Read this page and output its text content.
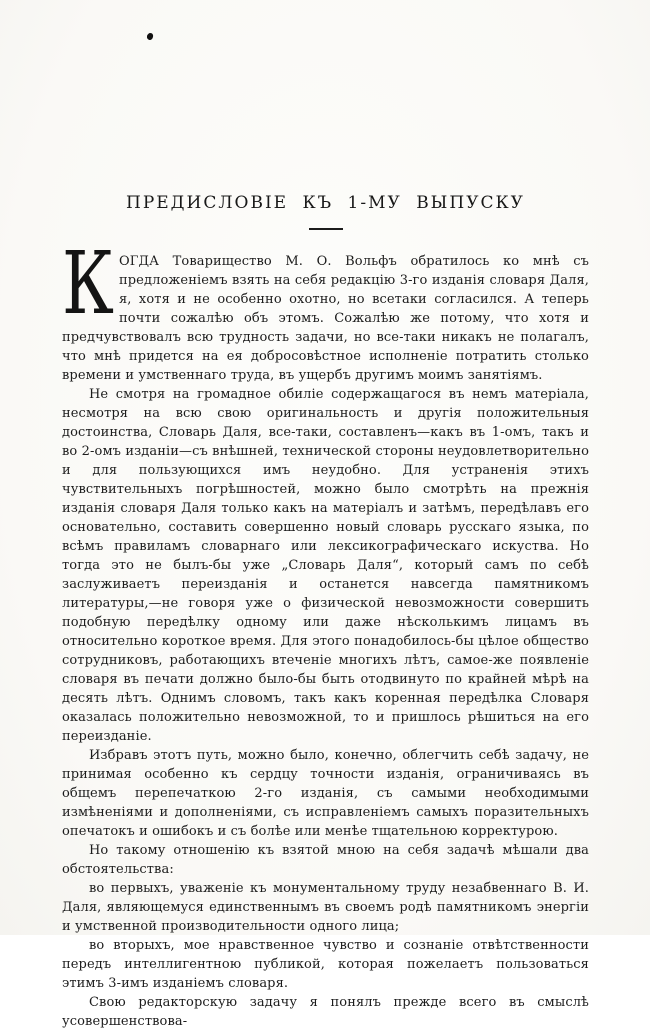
ПРЕДИСЛОВІЕ КЪ 1-МУ ВЫПУСКУ

КОГДА Товарищество М. О. Вольфъ обратилось ко мнѣ съ предложеніемъ взять на себя редакцію 3-го изданія словаря Даля, я, хотя и не особенно охотно, но всетаки согласился. А теперь почти сожалѣю объ этомъ. Сожалѣю же потому, что хотя и предчувствовалъ всю трудность задачи, но все-таки никакъ не полагалъ, что мнѣ придется на ея добросовѣстное исполненіе потратить столько времени и умственнаго труда, въ ущербъ другимъ моимъ занятіямъ.

Не смотря на громадное обиліе содержащагося въ немъ матеріала, несмотря на всю свою оригинальность и другія положительныя достоинства, Словарь Даля, все-таки, составленъ—какъ въ 1-омъ, такъ и во 2-омъ изданіи—съ внѣшней, технической стороны неудовлетворительно и для пользующихся имъ неудобно. Для устраненія этихъ чувствительныхъ погрѣшностей, можно было смотрѣть на прежнія изданія словаря Даля только какъ на матеріалъ и затѣмъ, передѣлавъ его основательно, составить совершенно новый словарь русскаго языка, по всѣмъ правиламъ словарнаго или лексикографическаго искуства. Но тогда это не былъ-бы уже „Словарь Даля“, который самъ по себѣ заслуживаетъ переизданія и останется навсегда памятникомъ литературы,—не говоря уже о физической невозможности совершить подобную передѣлку одному или даже нѣсколькимъ лицамъ въ относительно короткое время. Для этого понадобилось-бы цѣлое общество сотрудниковъ, работающихъ втеченіе многихъ лѣтъ, самое-же появленіе словаря въ печати должно было-бы быть отодвинуто по крайней мѣрѣ на десять лѣтъ. Однимъ словомъ, такъ какъ коренная передѣлка Словаря оказалась положительно невозможной, то и пришлось рѣшиться на его переизданіе.

Избравъ этотъ путь, можно было, конечно, облегчить себѣ задачу, не принимая особенно къ сердцу точности изданія, ограничиваясь въ общемъ перепечаткою 2-го изданія, съ самыми необходимыми измѣненіями и дополненіями, съ исправленіемъ самыхъ поразительныхъ опечатокъ и ошибокъ и съ болѣе или менѣе тщательною корректурою.

Но такому отношенію къ взятой мною на себя задачѣ мѣшали два обстоятельства:

во первыхъ, уваженіе къ монументальному труду незабвеннаго В. И. Даля, являющемуся единственнымъ въ своемъ родѣ памятникомъ энергіи и умственной производительности одного лица;

во вторыхъ, мое нравственное чувство и сознаніе отвѣтственности передъ интеллигентною публикой, которая пожелаетъ пользоваться этимъ 3-имъ изданіемъ словаря.

Свою редакторскую задачу я понялъ прежде всего въ смыслѣ усовершенствова-
